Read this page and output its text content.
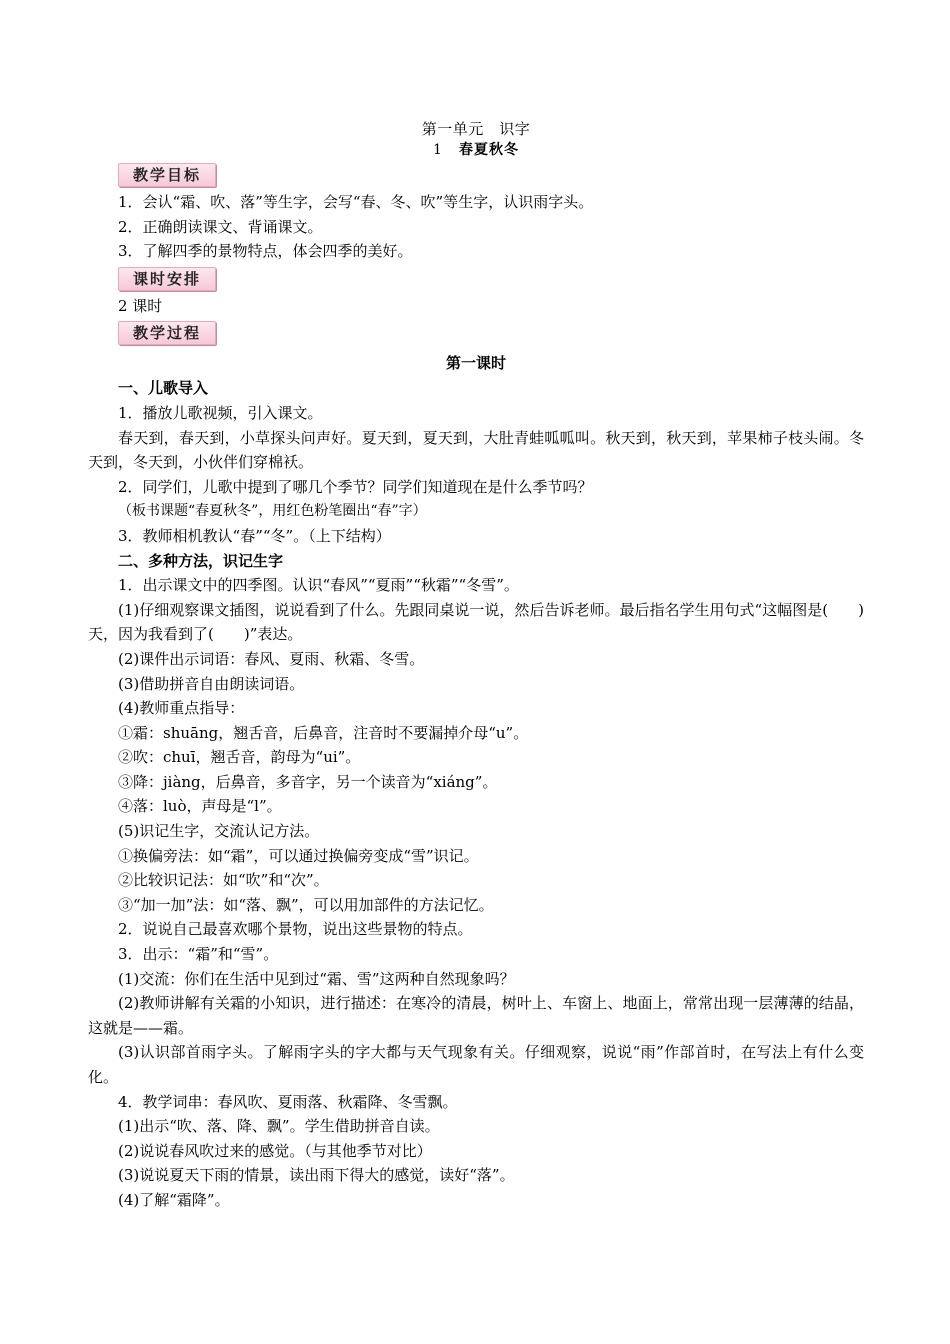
第一单元　识字
1 春夏秋冬
教学目标

1．会认“霜、吹、落”等生字，会写“春、冬、吹”等生字，认识雨字头。

2．正确朗读课文、背诵课文。

3．了解四季的景物特点，体会四季的美好。

课时安排

2 课时

教学过程
第一课时

一、儿歌导入

1．播放儿歌视频，引入课文。

春天到，春天到，小草探头问声好。夏天到，夏天到，大肚青蛙呱呱叫。秋天到，秋天到，苹果柿子枝头闹。冬天到，冬天到，小伙伴们穿棉袄。

2．同学们，儿歌中提到了哪几个季节？同学们知道现在是什么季节吗？

（板书课题“春夏秋冬”，用红色粉笔圈出“春”字）

3．教师相机教认“春”“冬”。（上下结构）

二、多种方法，识记生字

1．出示课文中的四季图。认识“春风”“夏雨”“秋霜”“冬雪”。

(1)仔细观察课文插图，说说看到了什么。先跟同桌说一说，然后告诉老师。最后指名学生用句式“这幅图是(　　)天，因为我看到了(　　)”表达。

(2)课件出示词语：春风、夏雨、秋霜、冬雪。

(3)借助拼音自由朗读词语。

(4)教师重点指导：

①霜：shuāng，翘舌音，后鼻音，注音时不要漏掉介母“u”。

②吹：chuī，翘舌音，韵母为“ui”。

③降：jiàng，后鼻音，多音字，另一个读音为“xiáng”。

④落：luò，声母是“l”。

(5)识记生字，交流认记方法。

①换偏旁法：如“霜”，可以通过换偏旁变成“雪”识记。

②比较识记法：如“吹”和“次”。

③“加一加”法：如“落、飘”，可以用加部件的方法记忆。

2．说说自己最喜欢哪个景物，说出这些景物的特点。

3．出示：“霜”和“雪”。

(1)交流：你们在生活中见到过“霜、雪”这两种自然现象吗？

(2)教师讲解有关霜的小知识，进行描述：在寒冷的清晨，树叶上、车窗上、地面上，常常出现一层薄薄的结晶，这就是——霜。

(3)认识部首雨字头。了解雨字头的字大都与天气现象有关。仔细观察，说说“雨”作部首时，在写法上有什么变化。

4．教学词串：春风吹、夏雨落、秋霜降、冬雪飘。

(1)出示“吹、落、降、飘”。学生借助拼音自读。

(2)说说春风吹过来的感觉。（与其他季节对比）

(3)说说夏天下雨的情景，读出雨下得大的感觉，读好“落”。

(4)了解“霜降”。
